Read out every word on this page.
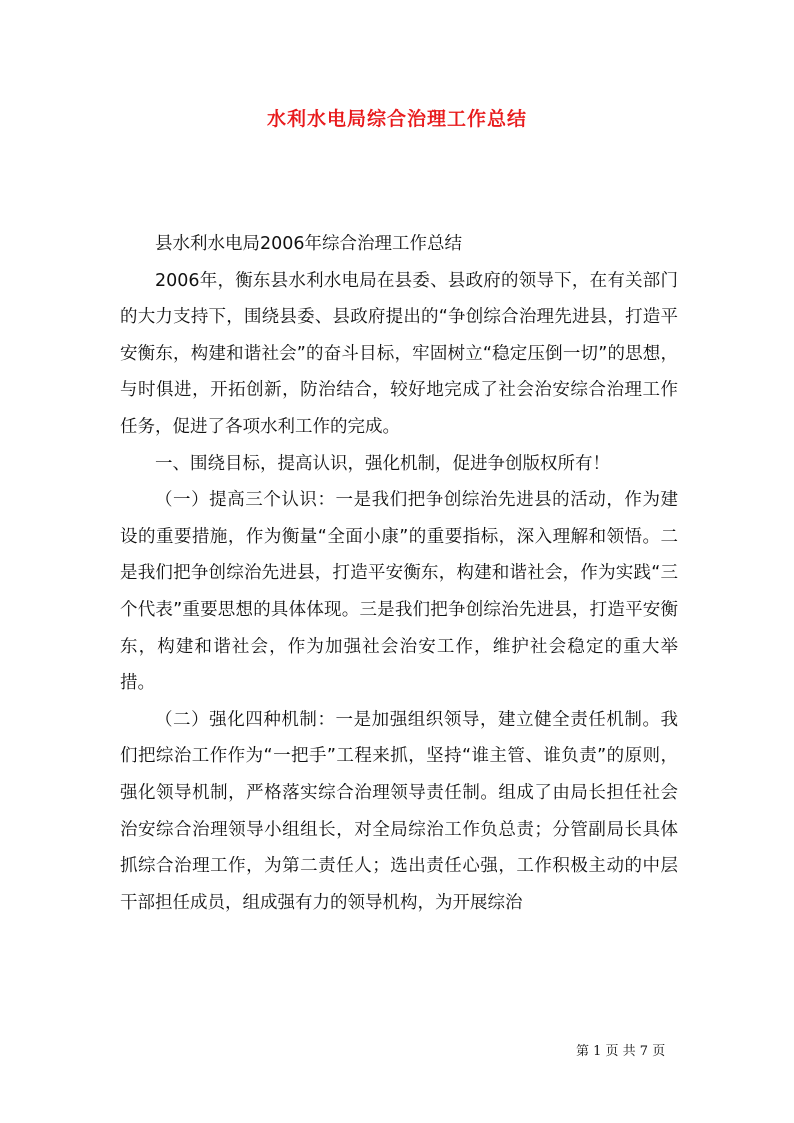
水利水电局综合治理工作总结

县水利水电局2006年综合治理工作总结

2006年，衡东县水利水电局在县委、县政府的领导下，在有关部门的大力支持下，围绕县委、县政府提出的“争创综合治理先进县，打造平安衡东，构建和谐社会”的奋斗目标，牢固树立“稳定压倒一切”的思想，与时俱进，开拓创新，防治结合，较好地完成了社会治安综合治理工作任务，促进了各项水利工作的完成。

一、围绕目标，提高认识，强化机制，促进争创版权所有！

（一）提高三个认识：一是我们把争创综治先进县的活动，作为建设的重要措施，作为衡量“全面小康”的重要指标，深入理解和领悟。二是我们把争创综治先进县，打造平安衡东，构建和谐社会，作为实践“三个代表”重要思想的具体体现。三是我们把争创综治先进县，打造平安衡东，构建和谐社会，作为加强社会治安工作，维护社会稳定的重大举措。

（二）强化四种机制：一是加强组织领导，建立健全责任机制。我们把综治工作作为“一把手”工程来抓，坚持“谁主管、谁负责”的原则，强化领导机制，严格落实综合治理领导责任制。组成了由局长担任社会治安综合治理领导小组组长，对全局综治工作负总责；分管副局长具体抓综合治理工作，为第二责任人；选出责任心强，工作积极主动的中层干部担任成员，组成强有力的领导机构，为开展综治

第 1 页 共 7 页
